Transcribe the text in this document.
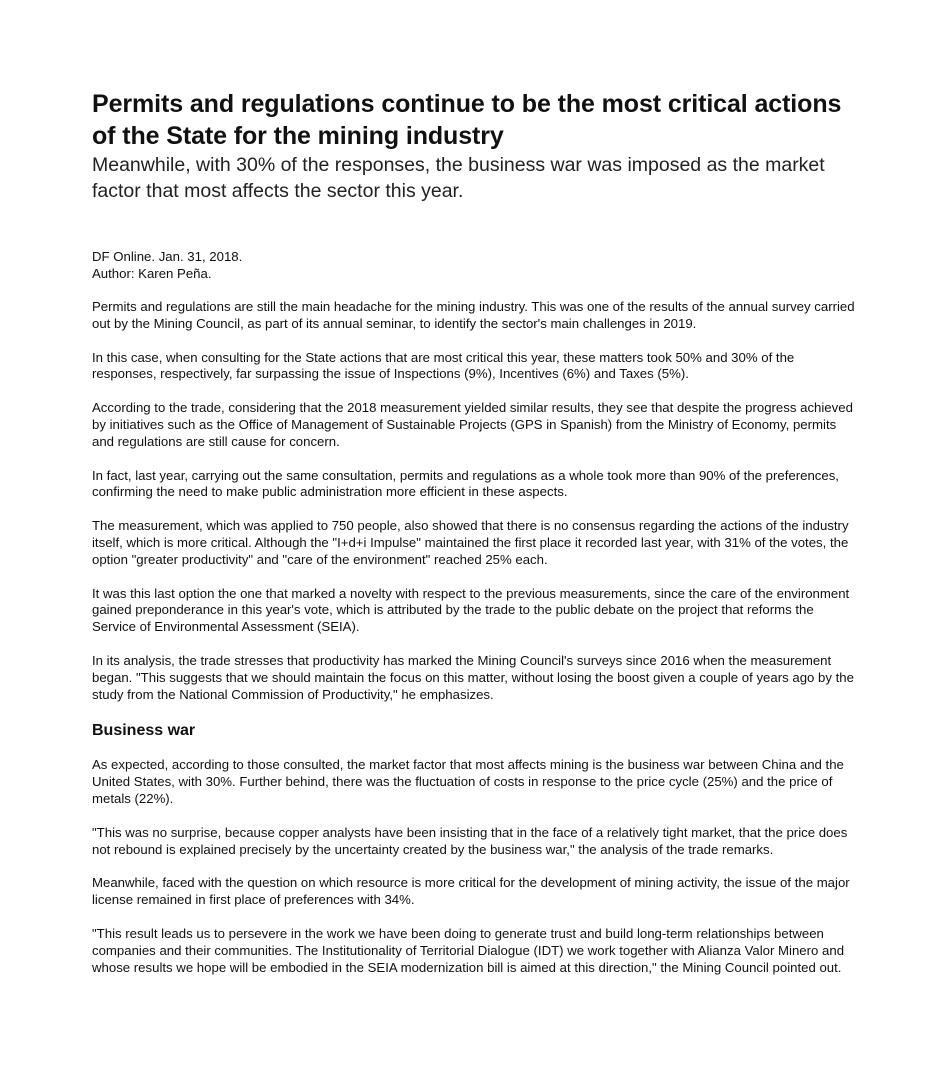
Permits and regulations continue to be the most critical actions of the State for the mining industry
Meanwhile, with 30% of the responses, the business war was imposed as the market factor that most affects the sector this year.
DF Online. Jan. 31, 2018.
Author: Karen Peña.

Permits and regulations are still the main headache for the mining industry. This was one of the results of the annual survey carried out by the Mining Council, as part of its annual seminar, to identify the sector's main challenges in 2019.

In this case, when consulting for the State actions that are most critical this year, these matters took 50% and 30% of the responses, respectively, far surpassing the issue of Inspections (9%), Incentives (6%) and Taxes (5%).

According to the trade, considering that the 2018 measurement yielded similar results, they see that despite the progress achieved by initiatives such as the Office of Management of Sustainable Projects (GPS in Spanish) from the Ministry of Economy, permits and regulations are still cause for concern.

In fact, last year, carrying out the same consultation, permits and regulations as a whole took more than 90% of the preferences, confirming the need to make public administration more efficient in these aspects.

The measurement, which was applied to 750 people, also showed that there is no consensus regarding the actions of the industry itself, which is more critical. Although the "I+d+i Impulse" maintained the first place it recorded last year, with 31% of the votes, the option "greater productivity" and "care of the environment" reached 25% each.

It was this last option the one that marked a novelty with respect to the previous measurements, since the care of the environment gained preponderance in this year's vote, which is attributed by the trade to the public debate on the project that reforms the Service of Environmental Assessment (SEIA).

In its analysis, the trade stresses that productivity has marked the Mining Council's surveys since 2016 when the measurement began. "This suggests that we should maintain the focus on this matter, without losing the boost given a couple of years ago by the study from the National Commission of Productivity," he emphasizes.

Business war

As expected, according to those consulted, the market factor that most affects mining is the business war between China and the United States, with 30%. Further behind, there was the fluctuation of costs in response to the price cycle (25%) and the price of metals (22%).

"This was no surprise, because copper analysts have been insisting that in the face of a relatively tight market, that the price does not rebound is explained precisely by the uncertainty created by the business war," the analysis of the trade remarks.

Meanwhile, faced with the question on which resource is more critical for the development of mining activity, the issue of the major license remained in first place of preferences with 34%.

"This result leads us to persevere in the work we have been doing to generate trust and build long-term relationships between companies and their communities. The Institutionality of Territorial Dialogue (IDT) we work together with Alianza Valor Minero and whose results we hope will be embodied in the SEIA modernization bill is aimed at this direction," the Mining Council pointed out.
